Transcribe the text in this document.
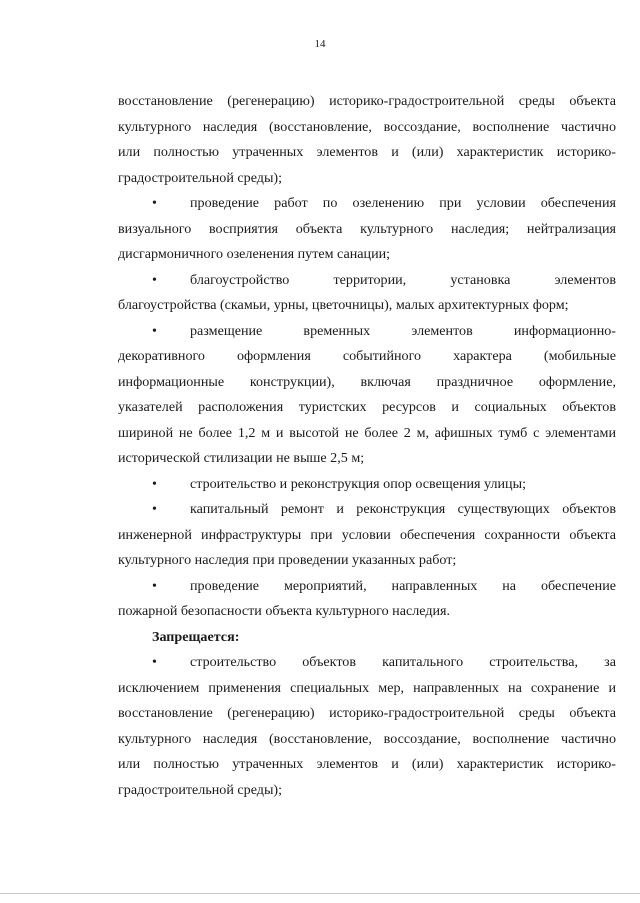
14
восстановление (регенерацию) историко-градостроительной среды объекта
культурного наследия (восстановление, воссоздание, восполнение частично
или полностью утраченных элементов и (или) характеристик историко-
градостроительной среды);
•	проведение работ по озеленению при условии обеспечения
визуального восприятия объекта культурного наследия; нейтрализация
дисгармоничного озеленения путем санации;
•	благоустройство территории, установка элементов
благоустройства (скамьи, урны, цветочницы), малых архитектурных форм;
•	размещение временных элементов информационно-
декоративного оформления событийного характера (мобильные
информационные конструкции), включая праздничное оформление,
указателей расположения туристских ресурсов и социальных объектов
шириной не более 1,2 м и высотой не более 2 м, афишных тумб с элементами
исторической стилизации не выше 2,5 м;
•	строительство и реконструкция опор освещения улицы;
•	капитальный ремонт и реконструкция существующих объектов
инженерной инфраструктуры при условии обеспечения сохранности объекта
культурного наследия при проведении указанных работ;
•	проведение мероприятий, направленных на обеспечение
пожарной безопасности объекта культурного наследия.
Запрещается:
•	строительство объектов капитального строительства, за
исключением применения специальных мер, направленных на сохранение и
восстановление (регенерацию) историко-градостроительной среды объекта
культурного наследия (восстановление, воссоздание, восполнение частично
или полностью утраченных элементов и (или) характеристик историко-
градостроительной среды);
